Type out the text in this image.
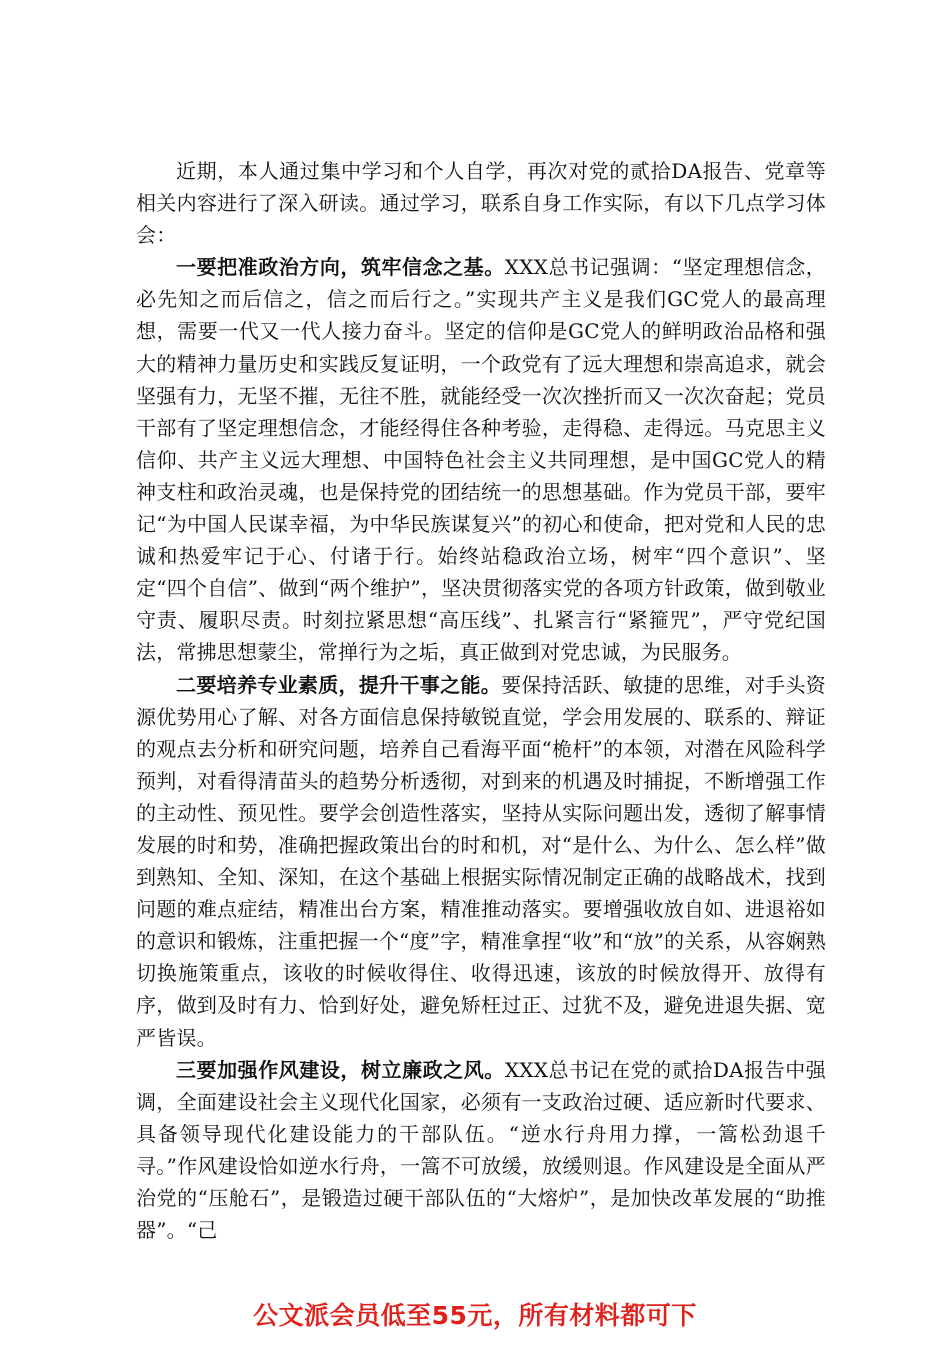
近期，本人通过集中学习和个人自学，再次对党的贰拾DA报告、党章等相关内容进行了深入研读。通过学习，联系自身工作实际，有以下几点学习体会：

一要把准政治方向，筑牢信念之基。XXX总书记强调：“坚定理想信念，必先知之而后信之，信之而后行之。”实现共产主义是我们GC党人的最高理想，需要一代又一代人接力奋斗。坚定的信仰是GC党人的鲜明政治品格和强大的精神力量历史和实践反复证明，一个政党有了远大理想和崇高追求，就会坚强有力，无坚不摧，无往不胜，就能经受一次次挫折而又一次次奋起；党员干部有了坚定理想信念，才能经得住各种考验，走得稳、走得远。马克思主义信仰、共产主义远大理想、中国特色社会主义共同理想，是中国GC党人的精神支柱和政治灵魂，也是保持党的团结统一的思想基础。作为党员干部，要牢记“为中国人民谋幸福，为中华民族谋复兴”的初心和使命，把对党和人民的忠诚和热爱牢记于心、付诸于行。始终站稳政治立场，树牢“四个意识”、坚定“四个自信”、做到“两个维护”，坚决贯彻落实党的各项方针政策，做到敬业守责、履职尽责。时刻拉紧思想“高压线”、扎紧言行“紧箍咒”，严守党纪国法，常拂思想蒙尘，常掸行为之垢，真正做到对党忠诚，为民服务。

二要培养专业素质，提升干事之能。要保持活跃、敏捷的思维，对手头资源优势用心了解、对各方面信息保持敏锐直觉，学会用发展的、联系的、辩证的观点去分析和研究问题，培养自己看海平面“桅杆”的本领，对潜在风险科学预判，对看得清苗头的趋势分析透彻，对到来的机遇及时捕捉，不断增强工作的主动性、预见性。要学会创造性落实，坚持从实际问题出发，透彻了解事情发展的时和势，准确把握政策出台的时和机，对“是什么、为什么、怎么样”做到熟知、全知、深知，在这个基础上根据实际情况制定正确的战略战术，找到问题的难点症结，精准出台方案，精准推动落实。要增强收放自如、进退裕如的意识和锻炼，注重把握一个“度”字，精准拿捏“收”和“放”的关系，从容娴熟切换施策重点，该收的时候收得住、收得迅速，该放的时候放得开、放得有序，做到及时有力、恰到好处，避免矫枉过正、过犹不及，避免进退失据、宽严皆误。

三要加强作风建设，树立廉政之风。XXX总书记在党的贰拾DA报告中强调，全面建设社会主义现代化国家，必须有一支政治过硬、适应新时代要求、具备领导现代化建设能力的干部队伍。“逆水行舟用力撑，一篙松劲退千寻。”作风建设恰如逆水行舟，一篙不可放缓，放缓则退。作风建设是全面从严治党的“压舱石”，是锻造过硬干部队伍的“大熔炉”，是加快改革发展的“助推器”。“己

公文派会员低至55元，所有材料都可下
